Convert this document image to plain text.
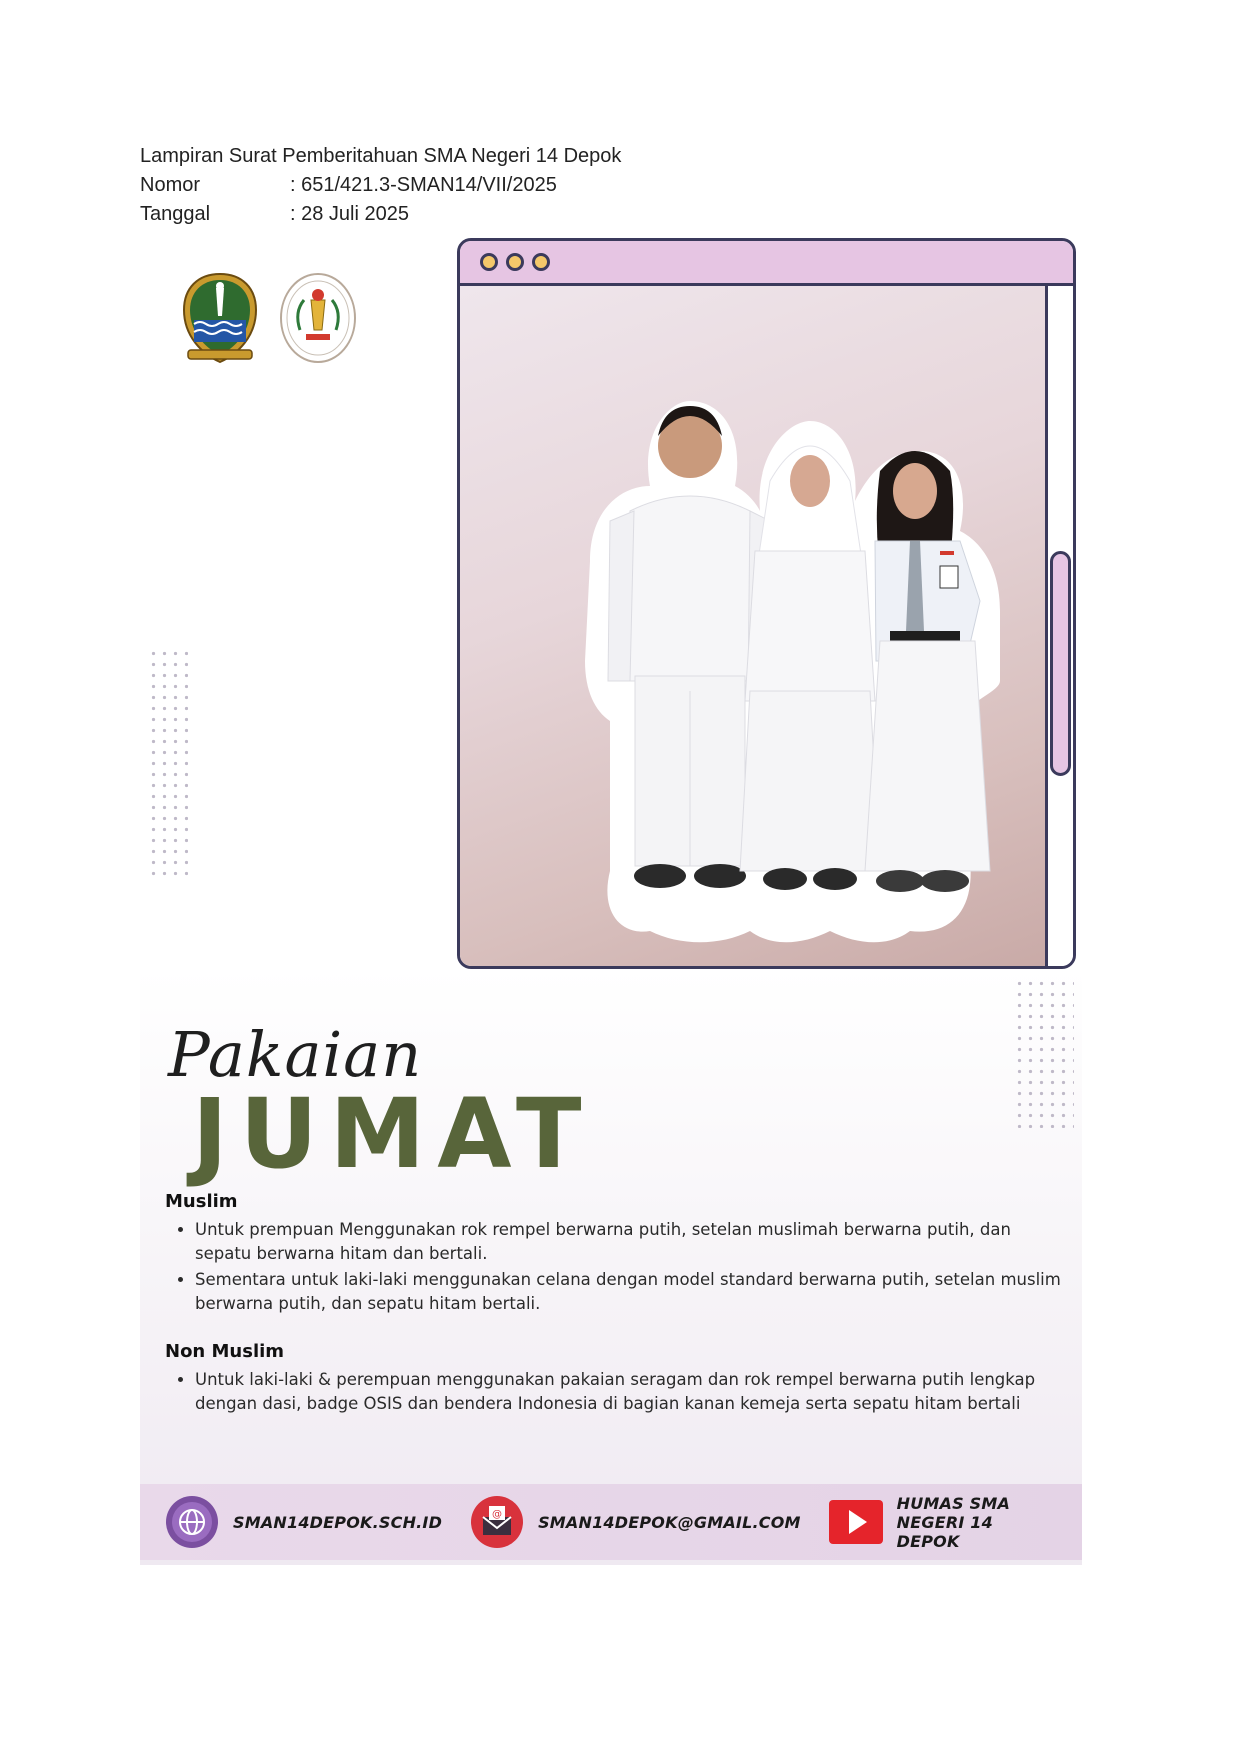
Lampiran Surat Pemberitahuan SMA Negeri 14 Depok
Nomor	: 651/421.3-SMAN14/VII/2025
Tanggal	: 28 Juli 2025
Pakaian
JUMAT
Muslim
• Untuk prempuan Menggunakan rok rempel berwarna putih, setelan muslimah berwarna putih, dan sepatu berwarna hitam dan bertali.
• Sementara untuk laki-laki menggunakan celana dengan model standard berwarna putih, setelan muslim berwarna putih, dan sepatu hitam bertali.
Non Muslim
• Untuk laki-laki & perempuan menggunakan pakaian seragam dan rok rempel berwarna putih lengkap dengan dasi, badge OSIS dan bendera Indonesia di bagian kanan kemeja serta sepatu hitam bertali
SMAN14DEPOK.SCH.ID	@ SMAN14DEPOK@GMAIL.COM
HUMAS SMA NEGERI 14 DEPOK
